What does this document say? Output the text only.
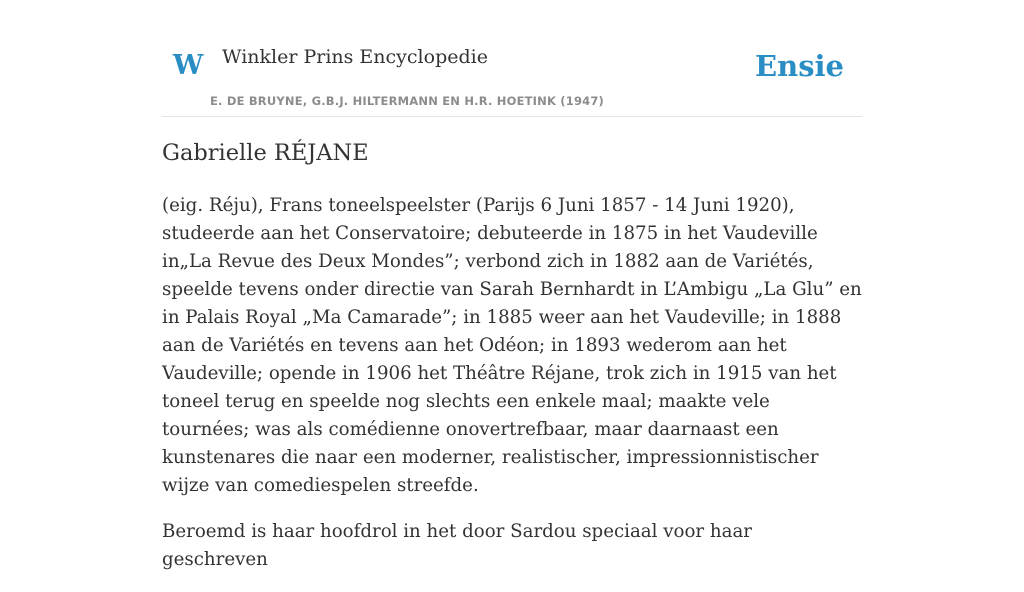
W Winkler Prins Encyclopedie
E. DE BRUYNE, G.B.J. HILTERMANN EN H.R. HOETINK (1947)
Ensie
Gabrielle RÉJANE

(eig. Réju), Frans toneelspeelster (Parijs 6 Juni 1857 - 14 Juni 1920), studeerde aan het Conservatoire; debuteerde in 1875 in het Vaudeville in„La Revue des Deux Mondes”; verbond zich in 1882 aan de Variétés, speelde tevens onder directie van Sarah Bernhardt in L’Ambigu „La Glu” en in Palais Royal „Ma Camarade”; in 1885 weer aan het Vaudeville; in 1888 aan de Variétés en tevens aan het Odéon; in 1893 wederom aan het Vaudeville; opende in 1906 het Théâtre Réjane, trok zich in 1915 van het toneel terug en speelde nog slechts een enkele maal; maakte vele tournées; was als comédienne onovertrefbaar, maar daarnaast een kunstenares die naar een moderner, realistischer, impressionnistischer wijze van comediespelen streefde.

Beroemd is haar hoofdrol in het door Sardou speciaal voor haar geschreven
